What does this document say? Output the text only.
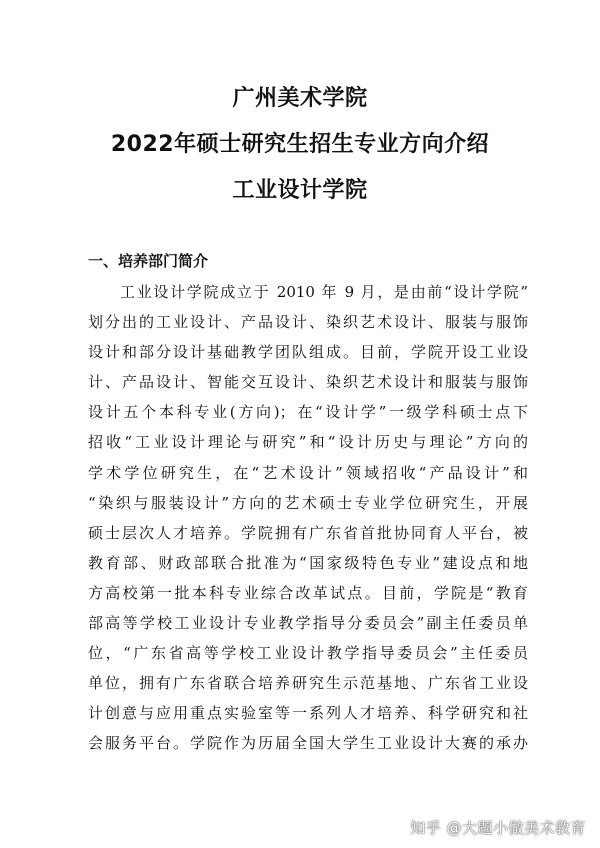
广州美术学院
2022年硕士研究生招生专业方向介绍
工业设计学院
一、培养部门简介
工业设计学院成立于 2010 年 9 月，是由前“设计学院”
划分出的工业设计、产品设计、染织艺术设计、服装与服饰
设计和部分设计基础教学团队组成。目前，学院开设工业设
计、产品设计、智能交互设计、染织艺术设计和服装与服饰
设计五个本科专业(方向)；在“设计学”一级学科硕士点下
招收“工业设计理论与研究”和“设计历史与理论”方向的
学术学位研究生，在“艺术设计”领域招收“产品设计”和
“染织与服装设计”方向的艺术硕士专业学位研究生，开展
硕士层次人才培养。学院拥有广东省首批协同育人平台，被
教育部、财政部联合批准为“国家级特色专业”建设点和地
方高校第一批本科专业综合改革试点。目前，学院是“教育
部高等学校工业设计专业教学指导分委员会”副主任委员单
位，“广东省高等学校工业设计教学指导委员会”主任委员
单位，拥有广东省联合培养研究生示范基地、广东省工业设
计创意与应用重点实验室等一系列人才培养、科学研究和社
会服务平台。学院作为历届全国大学生工业设计大赛的承办
知乎 @大题小做美术教育
